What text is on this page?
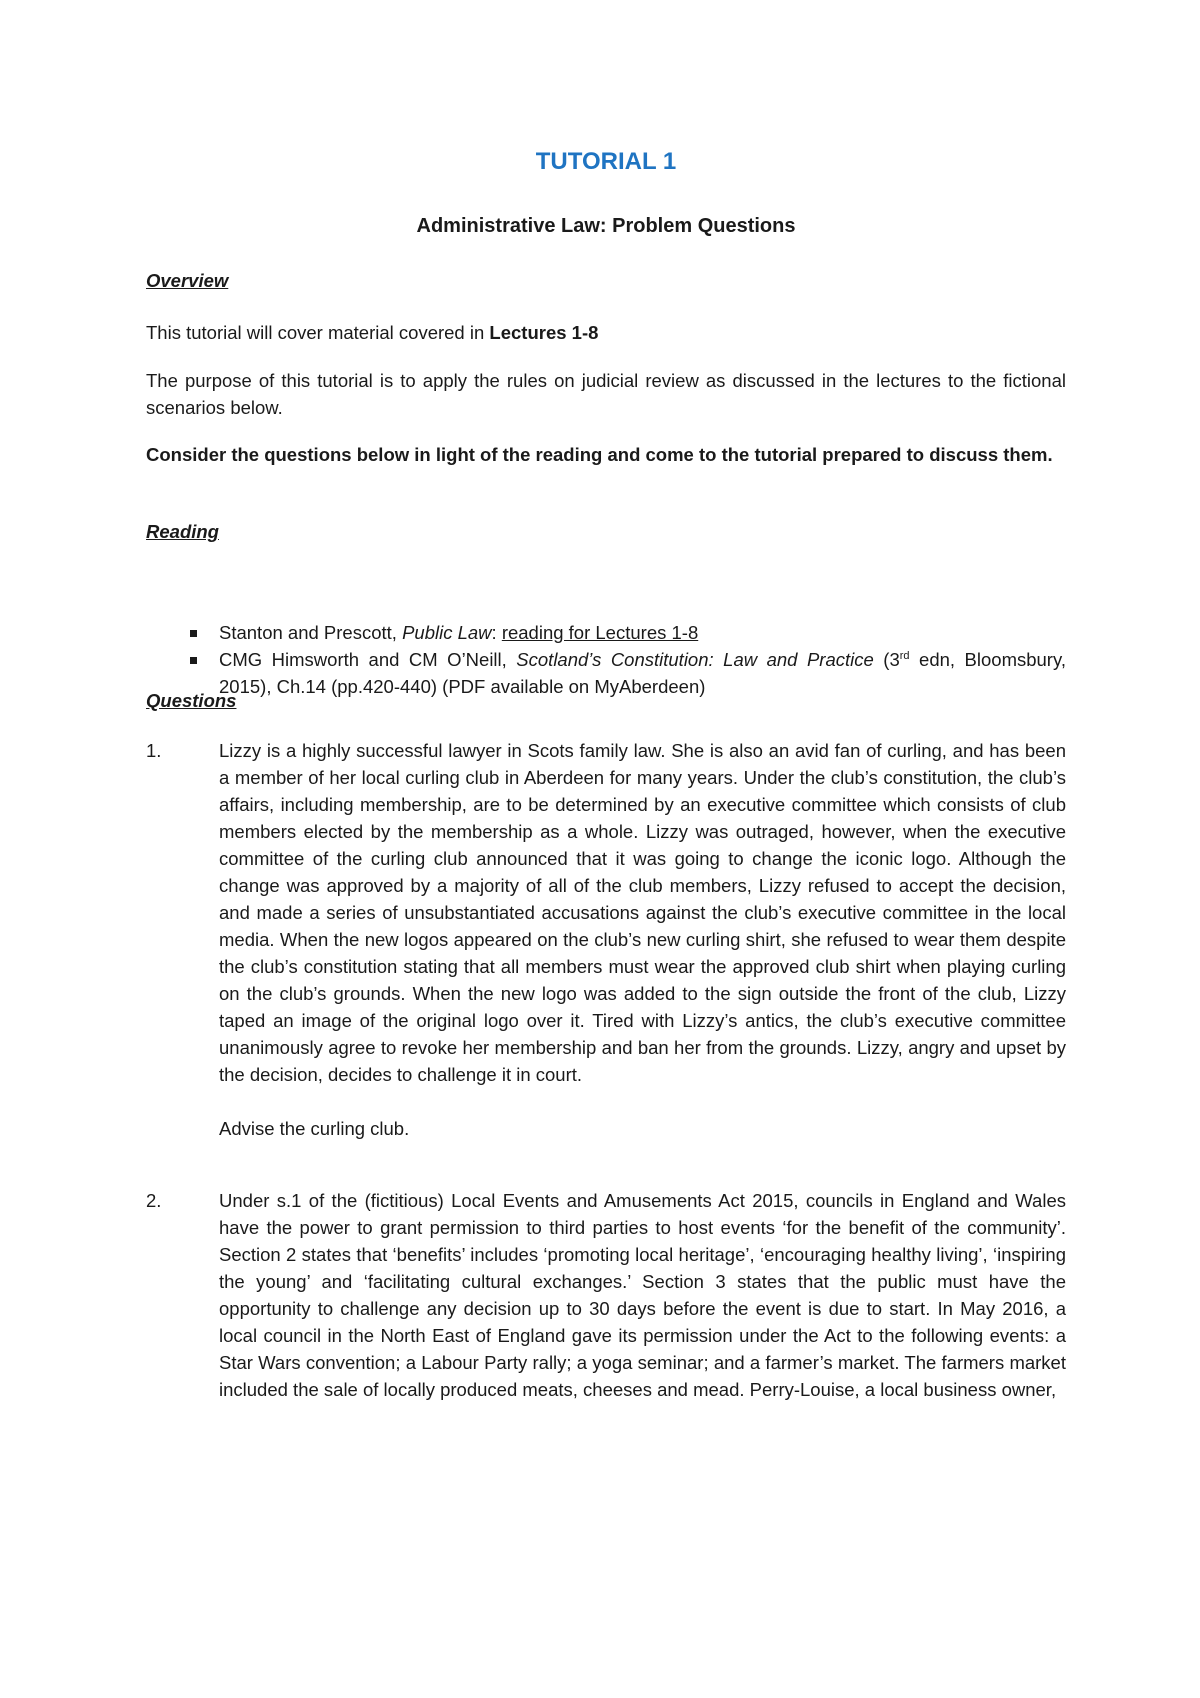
TUTORIAL 1
Administrative Law: Problem Questions
Overview
This tutorial will cover material covered in Lectures 1-8
The purpose of this tutorial is to apply the rules on judicial review as discussed in the lectures to the fictional scenarios below.
Consider the questions below in light of the reading and come to the tutorial prepared to discuss them.
Reading
Stanton and Prescott, Public Law: reading for Lectures 1-8
CMG Himsworth and CM O’Neill, Scotland’s Constitution: Law and Practice (3rd edn, Bloomsbury, 2015), Ch.14 (pp.420-440) (PDF available on MyAberdeen)
Questions
1.	Lizzy is a highly successful lawyer in Scots family law. She is also an avid fan of curling, and has been a member of her local curling club in Aberdeen for many years. Under the club’s constitution, the club’s affairs, including membership, are to be determined by an executive committee which consists of club members elected by the membership as a whole. Lizzy was outraged, however, when the executive committee of the curling club announced that it was going to change the iconic logo. Although the change was approved by a majority of all of the club members, Lizzy refused to accept the decision, and made a series of unsubstantiated accusations against the club’s executive committee in the local media. When the new logos appeared on the club’s new curling shirt, she refused to wear them despite the club’s constitution stating that all members must wear the approved club shirt when playing curling on the club’s grounds. When the new logo was added to the sign outside the front of the club, Lizzy taped an image of the original logo over it. Tired with Lizzy’s antics, the club’s executive committee unanimously agree to revoke her membership and ban her from the grounds. Lizzy, angry and upset by the decision, decides to challenge it in court.
Advise the curling club.
2.	Under s.1 of the (fictitious) Local Events and Amusements Act 2015, councils in England and Wales have the power to grant permission to third parties to host events ‘for the benefit of the community’. Section 2 states that ‘benefits’ includes ‘promoting local heritage’, ‘encouraging healthy living’, ‘inspiring the young’ and ‘facilitating cultural exchanges.’ Section 3 states that the public must have the opportunity to challenge any decision up to 30 days before the event is due to start. In May 2016, a local council in the North East of England gave its permission under the Act to the following events: a Star Wars convention; a Labour Party rally; a yoga seminar; and a farmer’s market. The farmers market included the sale of locally produced meats, cheeses and mead. Perry-Louise, a local business owner,
